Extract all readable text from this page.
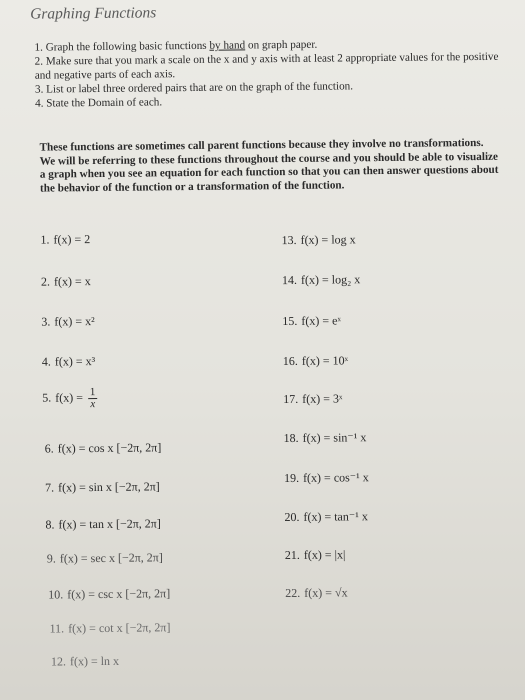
Graphing Functions
1. Graph the following basic functions by hand on graph paper.
2. Make sure that you mark a scale on the x and y axis with at least 2 appropriate values for the positive and negative parts of each axis.
3. List or label three ordered pairs that are on the graph of the function.
4. State the Domain of each.
These functions are sometimes call parent functions because they involve no transformations. We will be referring to these functions throughout the course and you should be able to visualize a graph when you see an equation for each function so that you can then answer questions about the behavior of the function or a transformation of the function.
1. f(x) = 2
2. f(x) = x
3. f(x) = x²
4. f(x) = x³
5. $f(x) = \frac{1}{x}$
6. f(x) = cos x [−2π, 2π]
7. f(x) = sin x [−2π, 2π]
8. f(x) = tan x [−2π, 2π]
9. f(x) = sec x [−2π, 2π]
10. f(x) = csc x [−2π, 2π]
11. f(x) = cot x [−2π, 2π]
12. f(x) = ln x
13. f(x) = log x
14. f(x) = log₂ x
15. f(x) = eˣ
16. f(x) = 10ˣ
17. f(x) = 3ˣ
18. f(x) = sin⁻¹ x
19. f(x) = cos⁻¹ x
20. f(x) = tan⁻¹ x
21. f(x) = |x|
22. f(x) = √x
